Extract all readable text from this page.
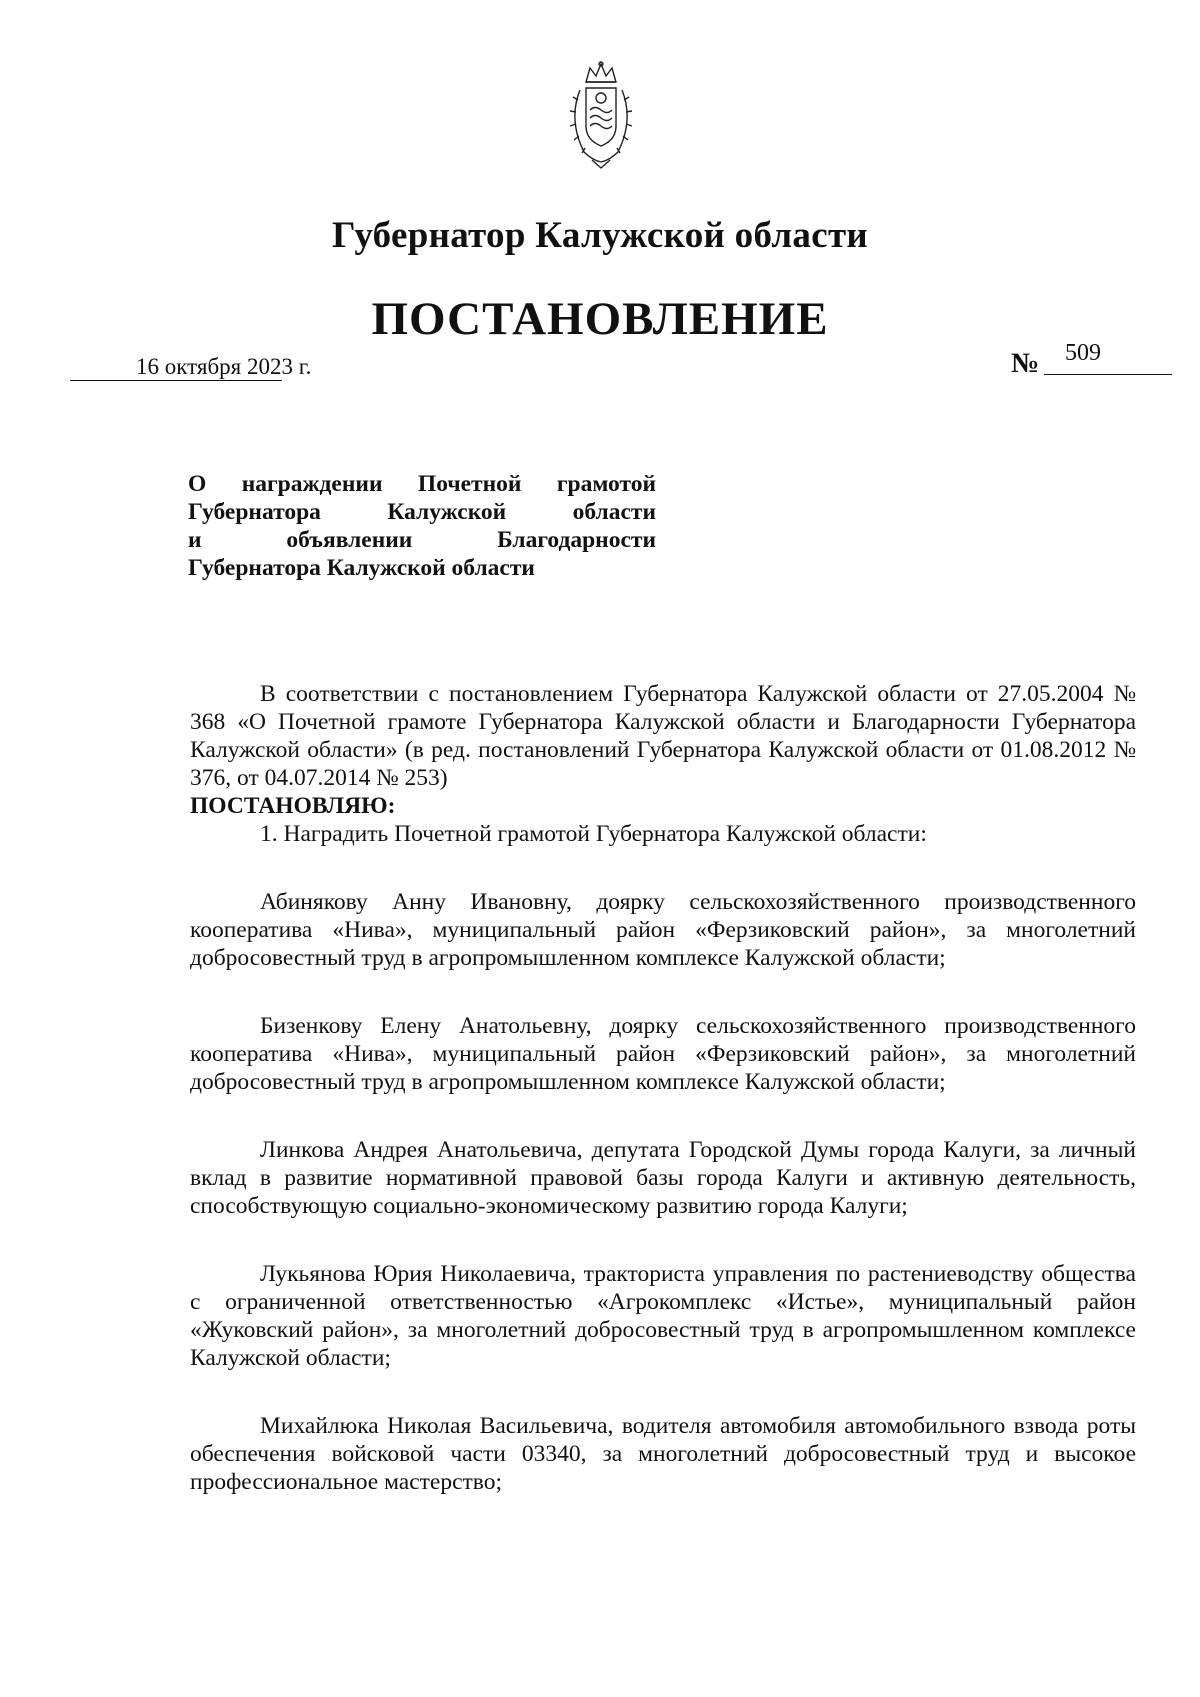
Губернатор Калужской области
ПОСТАНОВЛЕНИЕ
16 октября 2023 г.	№ 509
О награждении Почетной грамотой
Губернатора Калужской области
и объявлении Благодарности
Губернатора Калужской области

В соответствии с постановлением Губернатора Калужской области от 27.05.2004 № 368 «О Почетной грамоте Губернатора Калужской области и Благодарности Губернатора Калужской области» (в ред. постановлений Губернатора Калужской области от 01.08.2012 № 376, от 04.07.2014 № 253)

ПОСТАНОВЛЯЮ:

1. Наградить Почетной грамотой Губернатора Калужской области:

Абинякову Анну Ивановну, доярку сельскохозяйственного производственного кооператива «Нива», муниципальный район «Ферзиковский район», за многолетний добросовестный труд в агропромышленном комплексе Калужской области;

Бизенкову Елену Анатольевну, доярку сельскохозяйственного производственного кооператива «Нива», муниципальный район «Ферзиковский район», за многолетний добросовестный труд в агропромышленном комплексе Калужской области;

Линкова Андрея Анатольевича, депутата Городской Думы города Калуги, за личный вклад в развитие нормативной правовой базы города Калуги и активную деятельность, способствующую социально-экономическому развитию города Калуги;

Лукьянова Юрия Николаевича, тракториста управления по растениеводству общества с ограниченной ответственностью «Агрокомплекс «Истье», муниципальный район «Жуковский район», за многолетний добросовестный труд в агропромышленном комплексе Калужской области;

Михайлюка Николая Васильевича, водителя автомобиля автомобильного взвода роты обеспечения войсковой части 03340, за многолетний добросовестный труд и высокое профессиональное мастерство;
